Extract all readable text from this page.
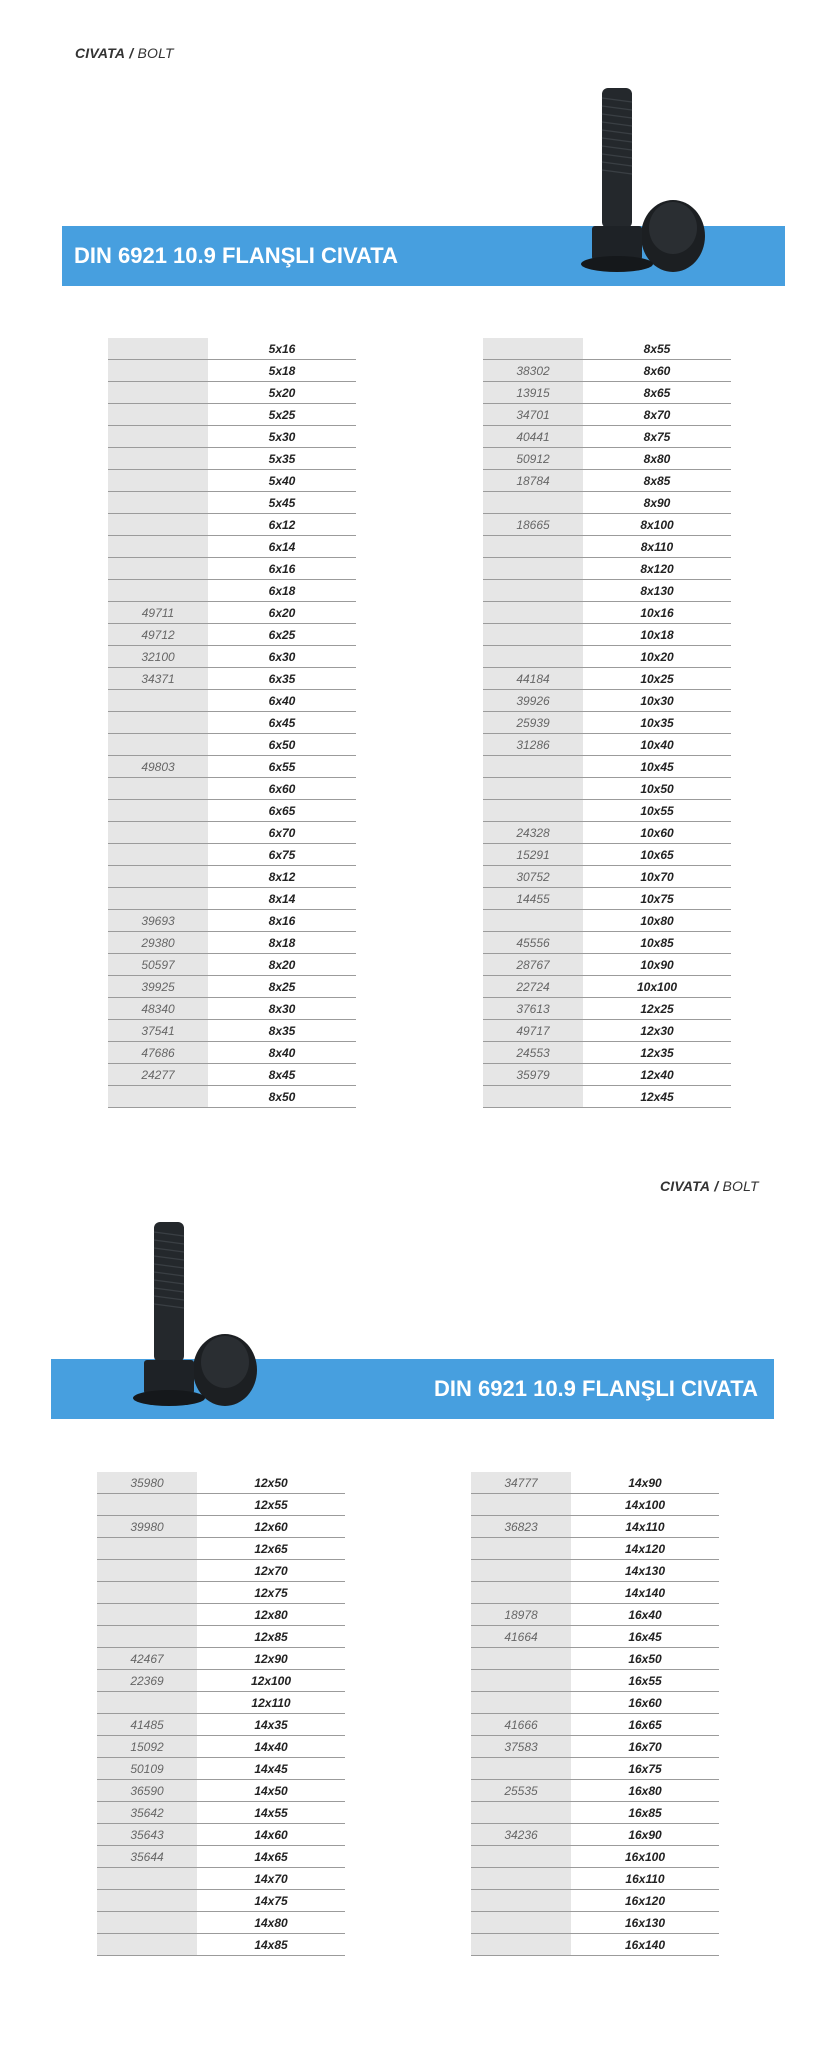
CIVATA / BOLT
DIN 6921 10.9 FLANŞLI CIVATA
	5x16
	5x18
	5x20
	5x25
	5x30
	5x35
	5x40
	5x45
	6x12
	6x14
	6x16
	6x18
49711	6x20
49712	6x25
32100	6x30
34371	6x35
	6x40
	6x45
	6x50
49803	6x55
	6x60
	6x65
	6x70
	6x75
	8x12
	8x14
39693	8x16
29380	8x18
50597	8x20
39925	8x25
48340	8x30
37541	8x35
47686	8x40
24277	8x45
	8x50
	8x55
38302	8x60
13915	8x65
34701	8x70
40441	8x75
50912	8x80
18784	8x85
	8x90
18665	8x100
	8x110
	8x120
	8x130
	10x16
	10x18
	10x20
44184	10x25
39926	10x30
25939	10x35
31286	10x40
	10x45
	10x50
	10x55
24328	10x60
15291	10x65
30752	10x70
14455	10x75
	10x80
45556	10x85
28767	10x90
22724	10x100
37613	12x25
49717	12x30
24553	12x35
35979	12x40
	12x45
CIVATA / BOLT
DIN 6921 10.9 FLANŞLI CIVATA
35980	12x50
	12x55
39980	12x60
	12x65
	12x70
	12x75
	12x80
	12x85
42467	12x90
22369	12x100
	12x110
41485	14x35
15092	14x40
50109	14x45
36590	14x50
35642	14x55
35643	14x60
35644	14x65
	14x70
	14x75
	14x80
	14x85
34777	14x90
	14x100
36823	14x110
	14x120
	14x130
	14x140
18978	16x40
41664	16x45
	16x50
	16x55
	16x60
41666	16x65
37583	16x70
	16x75
25535	16x80
	16x85
34236	16x90
	16x100
	16x110
	16x120
	16x130
	16x140
